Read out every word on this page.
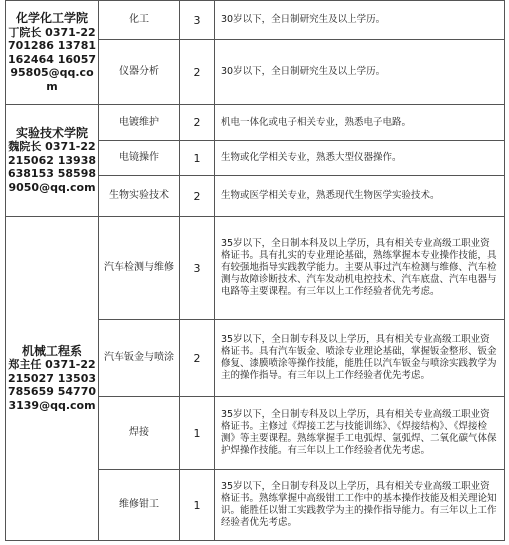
化学化工学院
丁院长 0371-22701286 13781162464 1605795805@qq.com	化工	3	30岁以下，全日制研究生及以上学历。
	仪器分析	2	30岁以下，全日制研究生及以上学历。

实验技术学院
魏院长 0371-22215062 13938638153 585989050@qq.com	电镀维护	2	机电一体化或电子相关专业，熟悉电子电路。
	电镜操作	1	生物或化学相关专业，熟悉大型仪器操作。
	生物实验技术	2	生物或医学相关专业，熟悉现代生物医学实验技术。

机械工程系
郑主任 0371-22215027 13503785659 547703139@qq.com	汽车检测与维修	3	35岁以下，全日制本科及以上学历，具有相关专业高级工职业资格证书。具有扎实的专业理论基础，熟练掌握本专业操作技能，具有较强地指导实践教学能力。主要从事过汽车检测与维修、汽车检测与故障诊断技术、汽车发动机电控技术、汽车底盘、汽车电器与电路等主要课程。有三年以上工作经验者优先考虑。
	汽车钣金与喷涂	2	35岁以下，全日制专科及以上学历，具有相关专业高级工职业资格证书。具有汽车钣金、喷涂专业理论基础，掌握钣金整形、钣金修复、漆膜喷涂等操作技能，能胜任以汽车钣金与喷涂实践教学为主的操作指导。有三年以上工作经验者优先考虑。
	焊接	1	35岁以下，全日制专科及以上学历，具有相关专业高级工职业资格证书。主修过《焊接工艺与技能训练》、《焊接结构》、《焊接检测》等主要课程。熟练掌握手工电弧焊、氩弧焊、二氧化碳气体保护焊操作技能。有三年以上工作经验者优先考虑。
	维修钳工	1	35岁以下，全日制专科及以上学历，具有相关专业高级工职业资格证书。熟练掌握中高级钳工工作中的基本操作技能及相关理论知识。能胜任以钳工实践教学为主的操作指导能力。有三年以上工作经验者优先考虑。
